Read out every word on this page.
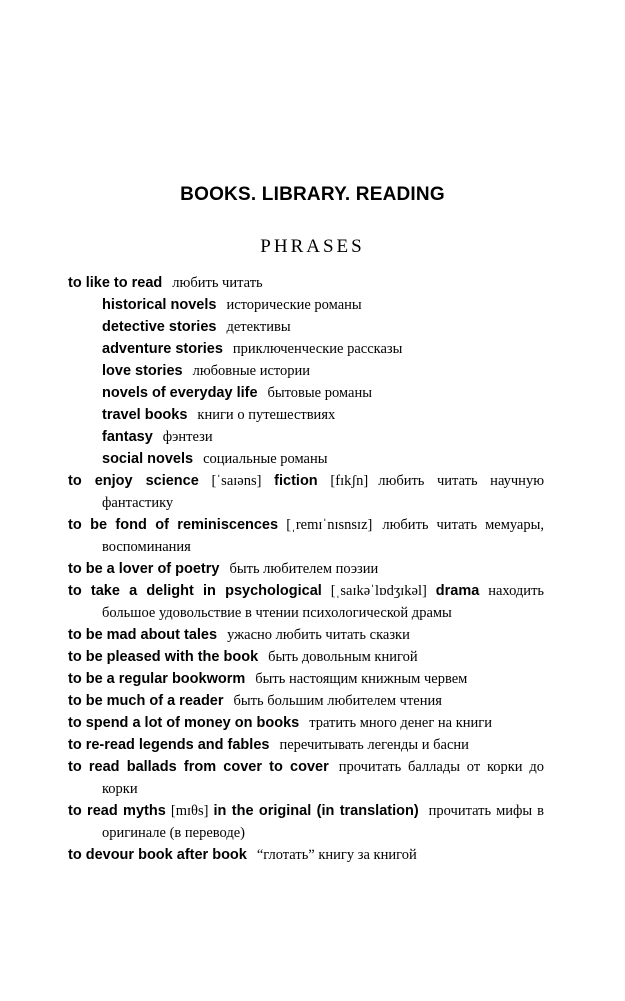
BOOKS. LIBRARY. READING
PHRASES
to like to read любить читать
historical novels исторические романы
detective stories детективы
adventure stories приключенческие рассказы
love stories любовные истории
novels of everyday life бытовые романы
travel books книги о путешествиях
fantasy фэнтези
social novels социальные романы
to enjoy science [ˈsaɪəns] fiction [fɪkʃn] любить читать научную фантастику
to be fond of reminiscences [ˌremɪˈnɪsnsɪz] любить читать мемуары, воспоминания
to be a lover of poetry быть любителем поэзии
to take a delight in psychological [ˌsaɪkəˈlɒdʒɪkəl] drama находить большое удовольствие в чтении психологической драмы
to be mad about tales ужасно любить читать сказки
to be pleased with the book быть довольным книгой
to be a regular bookworm быть настоящим книжным червем
to be much of a reader быть большим любителем чтения
to spend a lot of money on books тратить много денег на книги
to re-read legends and fables перечитывать легенды и басни
to read ballads from cover to cover прочитать баллады от корки до корки
to read myths [mɪθs] in the original (in translation) прочитать мифы в оригинале (в переводе)
to devour book after book “глотать” книгу за книгой
